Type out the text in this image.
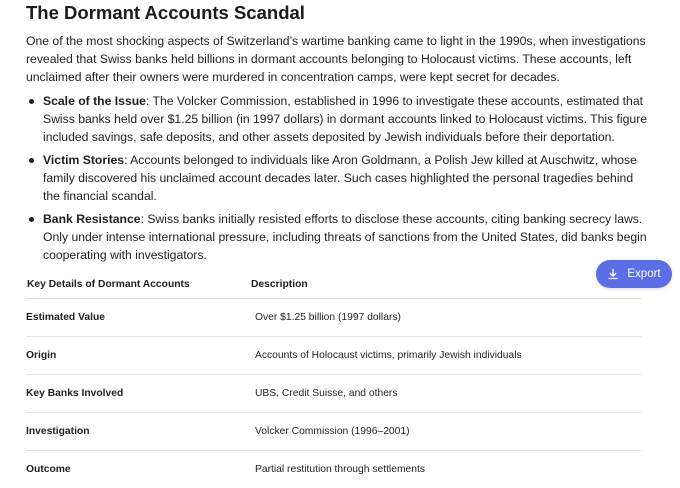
The Dormant Accounts Scandal

One of the most shocking aspects of Switzerland’s wartime banking came to light in the 1990s, when investigations revealed that Swiss banks held billions in dormant accounts belonging to Holocaust victims. These accounts, left unclaimed after their owners were murdered in concentration camps, were kept secret for decades.

Scale of the Issue: The Volcker Commission, established in 1996 to investigate these accounts, estimated that Swiss banks held over $1.25 billion (in 1997 dollars) in dormant accounts linked to Holocaust victims. This figure included savings, safe deposits, and other assets deposited by Jewish individuals before their deportation.
Victim Stories: Accounts belonged to individuals like Aron Goldmann, a Polish Jew killed at Auschwitz, whose family discovered his unclaimed account decades later. Such cases highlighted the personal tragedies behind the financial scandal.
Bank Resistance: Swiss banks initially resisted efforts to disclose these accounts, citing banking secrecy laws. Only under intense international pressure, including threats of sanctions from the United States, did banks begin cooperating with investigators.
Key Details of Dormant Accounts	Description
Estimated Value	Over $1.25 billion (1997 dollars)
Origin	Accounts of Holocaust victims, primarily Jewish individuals
Key Banks Involved	UBS, Credit Suisse, and others
Investigation	Volcker Commission (1996–2001)
Outcome	Partial restitution through settlements
Export
